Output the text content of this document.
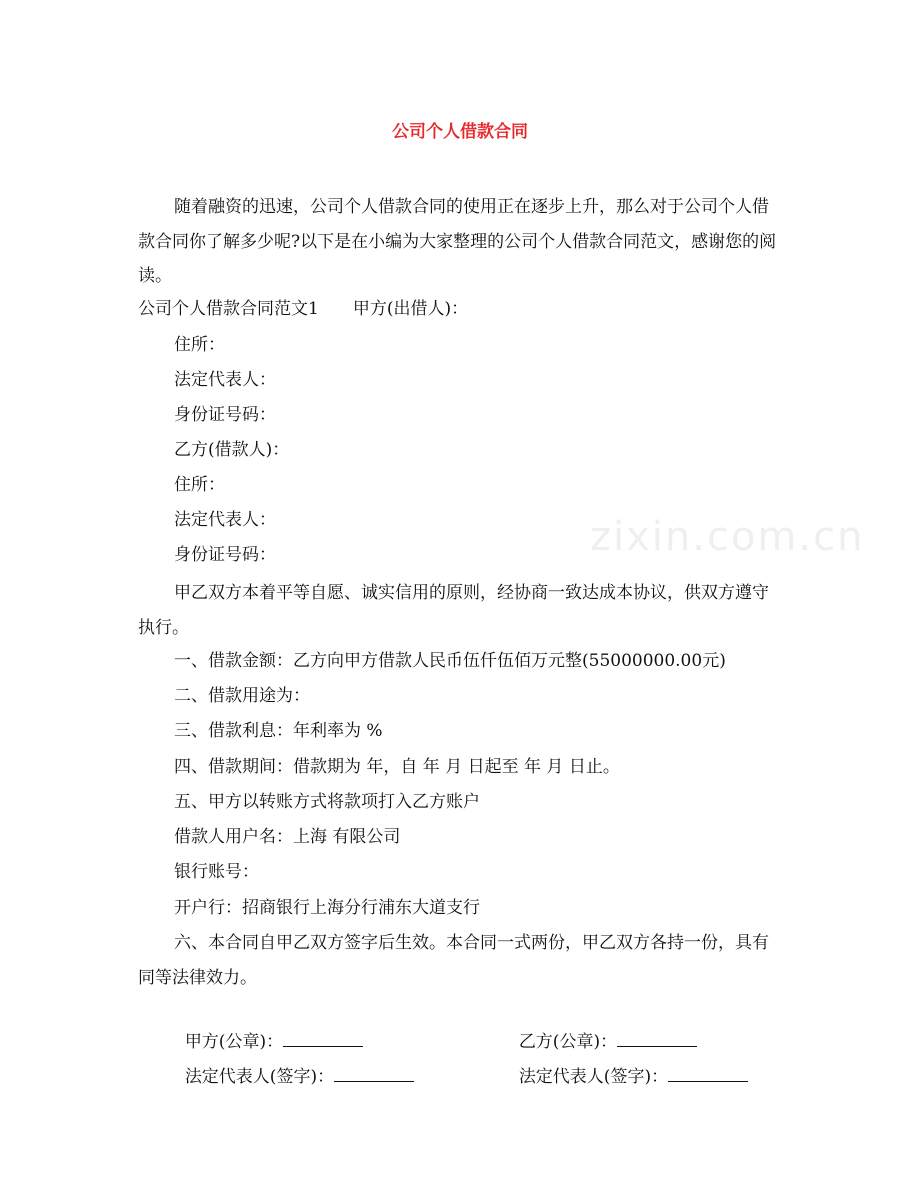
公司个人借款合同
zixin.com.cn

随着融资的迅速，公司个人借款合同的使用正在逐步上升，那么对于公司个人借款合同你了解多少呢?以下是在小编为大家整理的公司个人借款合同范文，感谢您的阅读。

公司个人借款合同范文1　　甲方(出借人)：

住所：

法定代表人：

身份证号码：

乙方(借款人)：

住所：

法定代表人：

身份证号码：

甲乙双方本着平等自愿、诚实信用的原则，经协商一致达成本协议，供双方遵守执行。

一、借款金额：乙方向甲方借款人民币伍仟伍佰万元整(55000000.00元)

二、借款用途为：

三、借款利息：年利率为 %

四、借款期间：借款期为 年，自 年 月 日起至 年 月 日止。

五、甲方以转账方式将款项打入乙方账户

借款人用户名：上海 有限公司

银行账号：

开户行：招商银行上海分行浦东大道支行

六、本合同自甲乙双方签字后生效。本合同一式两份，甲乙双方各持一份，具有同等法律效力。

甲方(公章)：	乙方(公章)：

法定代表人(签字)：	法定代表人(签字)：
